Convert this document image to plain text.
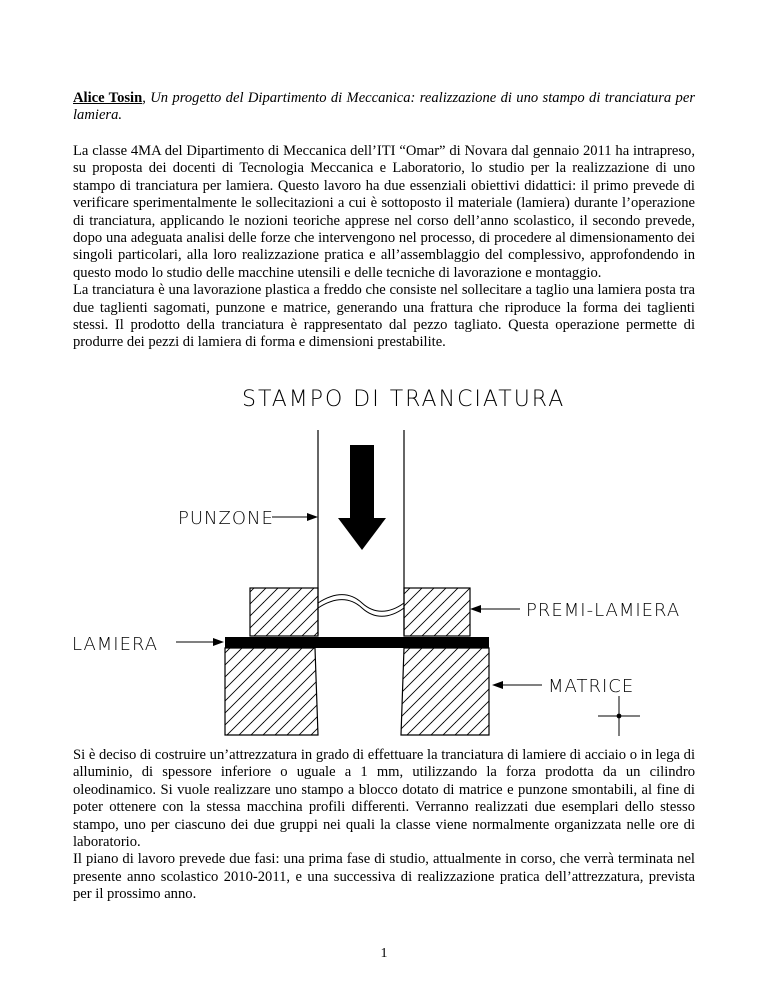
Alice Tosin, Un progetto del Dipartimento di Meccanica: realizzazione di uno stampo di tranciatura per lamiera.

La classe 4MA del Dipartimento di Meccanica dell’ITI “Omar” di Novara dal gennaio 2011 ha intrapreso, su proposta dei docenti di Tecnologia Meccanica e Laboratorio, lo studio per la realizzazione di uno stampo di tranciatura per lamiera. Questo lavoro ha due essenziali obiettivi didattici: il primo prevede di verificare sperimentalmente le sollecitazioni a cui è sottoposto il materiale (lamiera) durante l’operazione di tranciatura, applicando le nozioni teoriche apprese nel corso dell’anno scolastico, il secondo prevede, dopo una adeguata analisi delle forze che intervengono nel processo, di procedere al dimensionamento dei singoli particolari, alla loro realizzazione pratica e all’assemblaggio del complessivo, approfondendo in questo modo lo studio delle macchine utensili e delle tecniche di lavorazione e montaggio.

La tranciatura è una lavorazione plastica a freddo che consiste nel sollecitare a taglio una lamiera posta tra due taglienti sagomati, punzone e matrice, generando una frattura che riproduce la forma dei taglienti stessi. Il prodotto della tranciatura è rappresentato dal pezzo tagliato. Questa operazione permette di produrre dei pezzi di lamiera di forma e dimensioni prestabilite.

STAMPO DI TRANCIATURA
PUNZONE
PREMI-LAMIERA
LAMIERA
MATRICE

Si è deciso di costruire un’attrezzatura in grado di effettuare la tranciatura di lamiere di acciaio o in lega di alluminio, di spessore inferiore o uguale a 1 mm, utilizzando la forza prodotta da un cilindro oleodinamico. Si vuole realizzare uno stampo a blocco dotato di matrice e punzone smontabili, al fine di poter ottenere con la stessa macchina profili differenti. Verranno realizzati due esemplari dello stesso stampo, uno per ciascuno dei due gruppi nei quali la classe viene normalmente organizzata nelle ore di laboratorio.

Il piano di lavoro prevede due fasi: una prima fase di studio, attualmente in corso, che verrà terminata nel presente anno scolastico 2010-2011, e una successiva di realizzazione pratica dell’attrezzatura, prevista per il prossimo anno.

1
